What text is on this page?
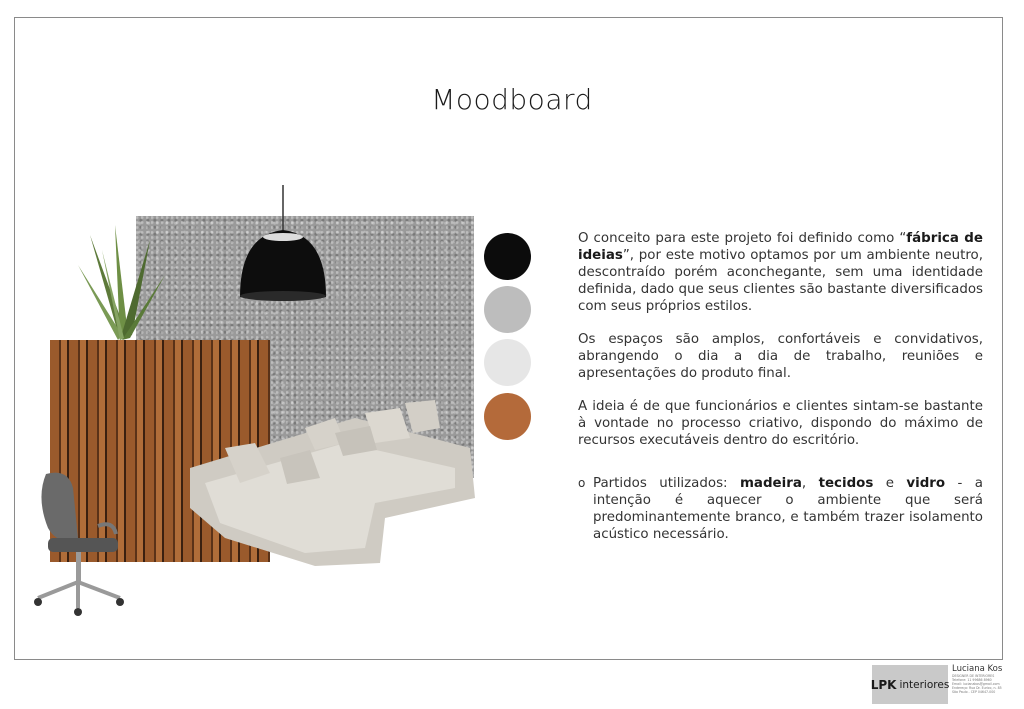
Moodboard

O conceito para este projeto foi definido como “fábrica de ideias”, por este motivo optamos por um ambiente neutro, descontraído porém aconchegante, sem uma identidade definida, dado que seus clientes são bastante diversificados com seus próprios estilos.

Os espaços são amplos, confortáveis e convidativos, abrangendo o dia a dia de trabalho, reuniões e apresentações do produto final.

A ideia é de que funcionários e clientes sintam-se bastante à vontade no processo criativo, dispondo do máximo de recursos executáveis dentro do escritório.

o Partidos utilizados: madeira, tecidos e vidro - a intenção é aquecer o ambiente que será predominantemente branco, e também trazer isolamento acústico necessário.
LPK interiores
Luciana Kos
DESIGNER DE INTERIORES
Telefone: 11 99686 8960
Email: lucianakos@gmail.com
Endereço: Rua Dr. Eurico, n. 85
São Paulo - CEP 04647-000
